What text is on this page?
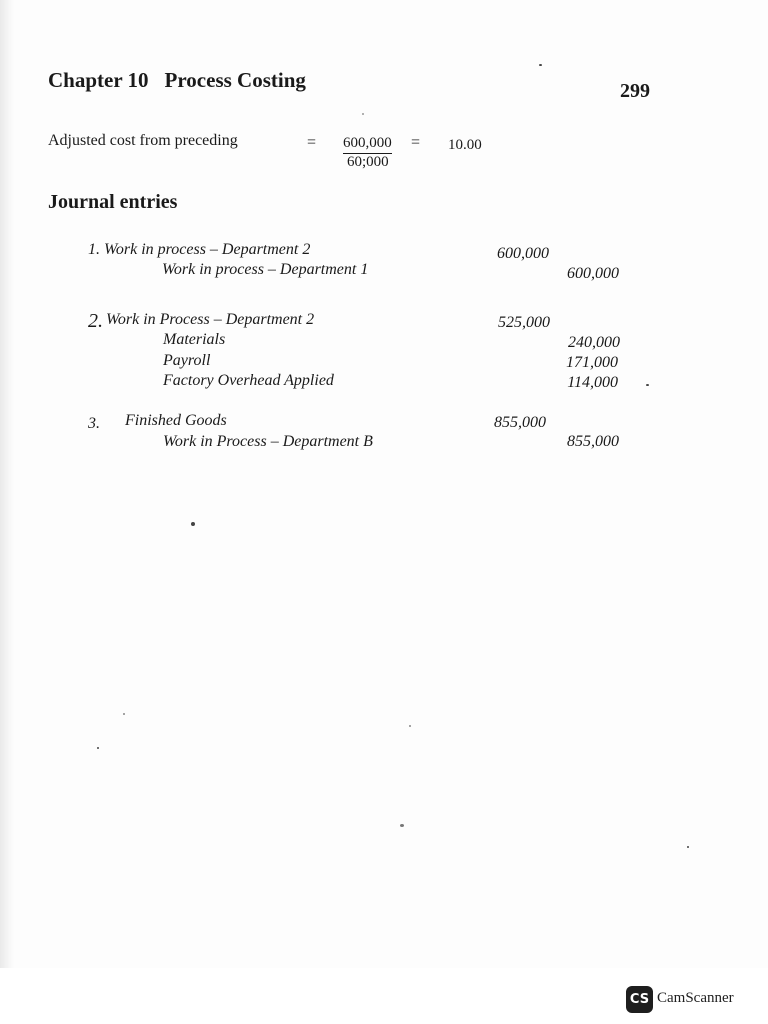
Chapter 10 Process Costing	299
Adjusted cost from preceding	= 600,000
60;000
= 10.00
Journal entries
1. Work in process – Department 2	600,000
Work in process – Department 1	600,000
2. Work in Process – Department 2	525,000
Materials	240,000
Payroll	171,000
Factory Overhead Applied	114,000
3. Finished Goods	855,000
Work in Process – Department B	855,000
CS CamScanner
